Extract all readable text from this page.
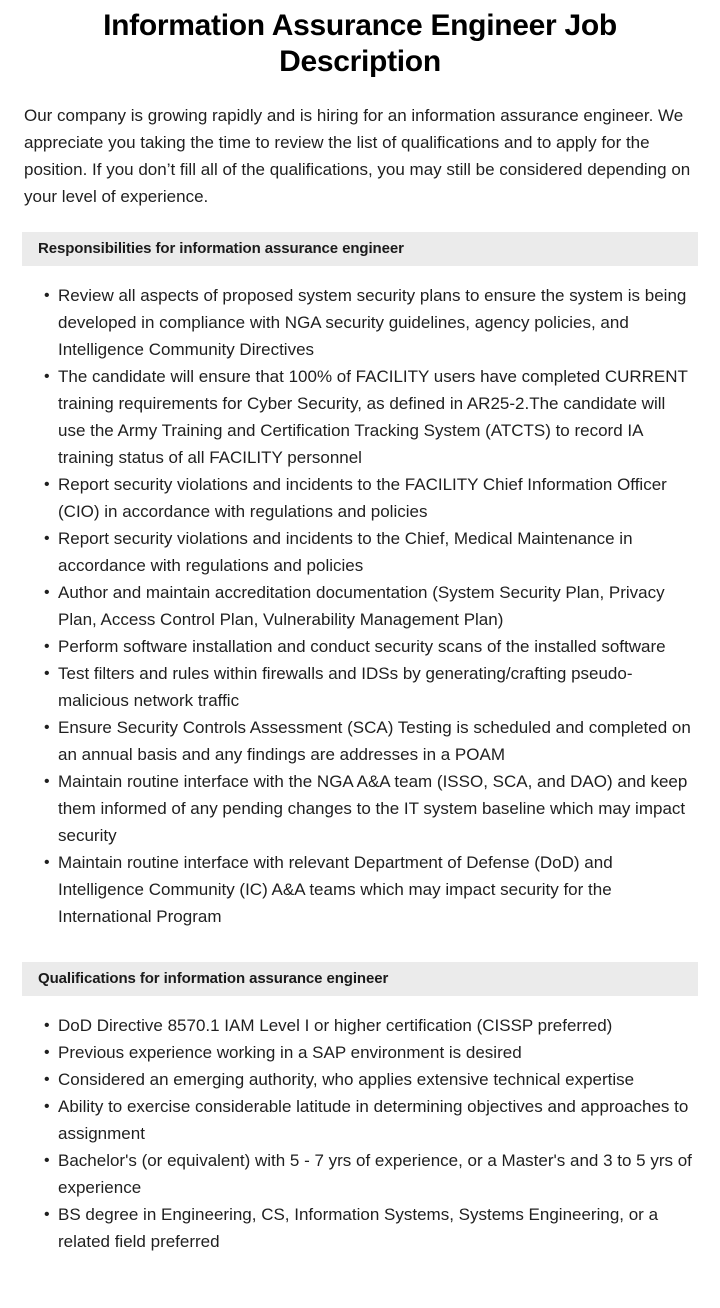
Information Assurance Engineer Job Description

Our company is growing rapidly and is hiring for an information assurance engineer. We appreciate you taking the time to review the list of qualifications and to apply for the position. If you don’t fill all of the qualifications, you may still be considered depending on your level of experience.

Responsibilities for information assurance engineer
• Review all aspects of proposed system security plans to ensure the system is being developed in compliance with NGA security guidelines, agency policies, and Intelligence Community Directives
• The candidate will ensure that 100% of FACILITY users have completed CURRENT training requirements for Cyber Security, as defined in AR25-2.The candidate will use the Army Training and Certification Tracking System (ATCTS) to record IA training status of all FACILITY personnel
• Report security violations and incidents to the FACILITY Chief Information Officer (CIO) in accordance with regulations and policies
• Report security violations and incidents to the Chief, Medical Maintenance in accordance with regulations and policies
• Author and maintain accreditation documentation (System Security Plan, Privacy Plan, Access Control Plan, Vulnerability Management Plan)
• Perform software installation and conduct security scans of the installed software
• Test filters and rules within firewalls and IDSs by generating/crafting pseudo-malicious network traffic
• Ensure Security Controls Assessment (SCA) Testing is scheduled and completed on an annual basis and any findings are addresses in a POAM
• Maintain routine interface with the NGA A&A team (ISSO, SCA, and DAO) and keep them informed of any pending changes to the IT system baseline which may impact security
• Maintain routine interface with relevant Department of Defense (DoD) and Intelligence Community (IC) A&A teams which may impact security for the International Program
Qualifications for information assurance engineer
• DoD Directive 8570.1 IAM Level I or higher certification (CISSP preferred)
• Previous experience working in a SAP environment is desired
• Considered an emerging authority, who applies extensive technical expertise
• Ability to exercise considerable latitude in determining objectives and approaches to assignment
• Bachelor's (or equivalent) with 5 - 7 yrs of experience, or a Master's and 3 to 5 yrs of experience
• BS degree in Engineering, CS, Information Systems, Systems Engineering, or a related field preferred
